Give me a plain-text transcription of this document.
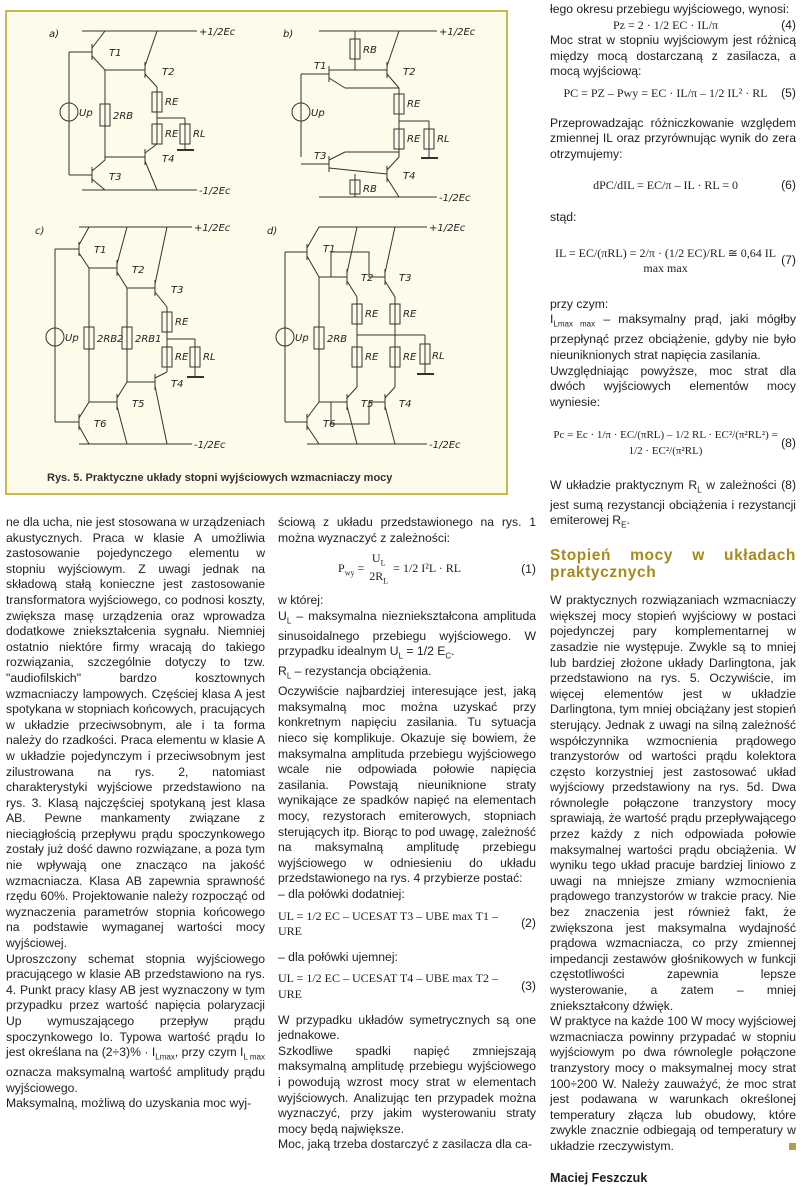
a)	+1/2Ec
-1/2Ec
Up
T1
T3
2RB
T2
T4
RE
RE RL
b)	+1/2Ec
-1/2Ec
Up
RB
T1
T2
RE
RE RL
T3
T4
RB
c)	+1/2Ec
-1/2Ec
Up
T1
2RB2
T2
2RB1
T3
RE
RE RL
T4
T5
T6
d)	+1/2Ec
-1/2Ec
Up
T1
2RB
T2	T3
RE RE
RE RE RL
T5	T4
T6
Rys. 5. Praktyczne układy stopni wyjściowych wzmacniaczy mocy

ne dla ucha, nie jest stosowana w urządzeniach akustycznych. Praca w klasie A umożliwia zastosowanie pojedynczego elementu w stopniu wyjściowym. Z uwagi jednak na składową stałą konieczne jest zastosowanie transformatora wyjściowego, co podnosi koszty, zwiększa masę urządzenia oraz wprowadza dodatkowe zniekształcenia sygnału. Niemniej ostatnio niektóre firmy wracają do takiego rozwiązania, szczególnie dotyczy to tzw. "audiofilskich" bardzo kosztownych wzmacniaczy lampowych. Częściej klasa A jest spotykana w stopniach końcowych, pracujących w układzie przeciwsobnym, ale i ta forma należy do rzadkości. Praca elementu w klasie A w układzie pojedynczym i przeciwsobnym jest zilustrowana na rys. 2, natomiast charakterystyki wyjściowe przedstawiono na rys. 3. Klasą najczęściej spotykaną jest klasa AB. Pewne mankamenty związane z nieciągłością przepływu prądu spoczynkowego zostały już dość dawno rozwiązane, a poza tym nie wpływają one znacząco na jakość wzmacniacza. Klasa AB zapewnia sprawność rzędu 60%. Projektowanie należy rozpocząć od wyznaczenia parametrów stopnia końcowego na podstawie wymaganej wartości mocy wyjściowej.

Uproszczony schemat stopnia wyjściowego pracującego w klasie AB przedstawiono na rys. 4. Punkt pracy klasy AB jest wyznaczony w tym przypadku przez wartość napięcia polaryzacji Up wymuszającego przepływ prądu spoczynkowego Io. Typowa wartość prądu Io jest określana na $(2\div 3)\% \cdot I_{Lmax}$, przy czym $I_{L max}$ oznacza maksymalną wartość amplitudy prądu wyjściowego.

Maksymalną, możliwą do uzyskania moc wyj-

ściową z układu przedstawionego na rys. 1 można wyznaczyć z zależności:

$P_{wy}$ =
$U_L$
$2R_L$
= 1/2 I²L · RL	(1)

w której:

$U_L$ – maksymalna niezniekształcona amplituda sinusoidalnego przebiegu wyjściowego. W przypadku idealnym $U_L = 1/2$ $E_C$.

$R_L$ – rezystancja obciążenia.

Oczywiście najbardziej interesujące jest, jaką maksymalną moc można uzyskać przy konkretnym napięciu zasilania. Tu sytuacja nieco się komplikuje. Okazuje się bowiem, że maksymalna amplituda przebiegu wyjściowego wcale nie odpowiada połowie napięcia zasilania. Powstają nieuniknione straty wynikające ze spadków napięć na elementach mocy, rezystorach emiterowych, stopniach sterujących itp. Biorąc to pod uwagę, zależność na maksymalną amplitudę przebiegu wyjściowego w odniesieniu do układu przedstawionego na rys. 4 przybierze postać:

– dla połówki dodatniej:

UL = 1/2 EC – UCESAT T3 – UBE max T1 – URE
(2)

– dla połówki ujemnej:

UL = 1/2 EC – UCESAT T4 – UBE max T2 – URE
(3)

W przypadku układów symetrycznych są one jednakowe.

Szkodliwe spadki napięć zmniejszają maksymalną amplitudę przebiegu wyjściowego i powodują wzrost mocy strat w elementach wyjściowych. Analizując ten przypadek można wyznaczyć, przy jakim wysterowaniu straty mocy będą największe.

Moc, jaką trzeba dostarczyć z zasilacza dla ca-

łego okresu przebiegu wyjściowego, wynosi:

Pz = 2 · 1/2 EC · IL/π	(4)

Moc strat w stopniu wyjściowym jest różnicą między mocą dostarczaną z zasilacza, a mocą wyjściową:

PC = PZ – Pwy = EC · IL/π – 1/2 IL² · RL	(5)

Przeprowadzając różniczkowanie względem zmiennej IL oraz przyrównując wynik do zera otrzymujemy:

dPC/dIL = EC/π – IL · RL = 0	(6)

stąd:

IL = EC/(πRL) = 2/π · (1/2 EC)/RL ≅ 0,64 IL max max
(7)

przy czym:

$I_{Lmax max}$ – maksymalny prąd, jaki mógłby przepłynąć przez obciążenie, gdyby nie było nieuniknionych strat napięcia zasilania.

Uwzględniając powyższe, moc strat dla dwóch wyjściowych elementów mocy wyniesie:

Pc = Ec · 1/π · EC/(πRL) – 1/2 RL · EC²/(π²RL²) = 1/2 · EC²/(π²RL)
(8)

W układzie praktycznym $R_L$ w zależności (8) jest sumą rezystancji obciążenia i rezystancji emiterowej $R_E$.

Stopień mocy w układach praktycznych

W praktycznych rozwiązaniach wzmacniaczy większej mocy stopień wyjściowy w postaci pojedynczej pary komplementarnej w zasadzie nie występuje. Zwykle są to mniej lub bardziej złożone układy Darlingtona, jak przedstawiono na rys. 5. Oczywiście, im więcej elementów jest w układzie Darlingtona, tym mniej obciążany jest stopień sterujący. Jednak z uwagi na silną zależność współczynnika wzmocnienia prądowego tranzystorów od wartości prądu kolektora często korzystniej jest zastosować układ wyjściowy przedstawiony na rys. 5d. Dwa równolegle połączone tranzystory mocy sprawiają, że wartość prądu przepływającego przez każdy z nich odpowiada połowie maksymalnej wartości prądu obciążenia. W wyniku tego układ pracuje bardziej liniowo z uwagi na mniejsze zmiany wzmocnienia prądowego tranzystorów w trakcie pracy. Nie bez znaczenia jest również fakt, że zwiększona jest maksymalna wydajność prądowa wzmacniacza, co przy zmiennej impedancji zestawów głośnikowych w funkcji częstotliwości zapewnia lepsze wysterowanie, a zatem – mniej zniekształcony dźwięk.

W praktyce na każde 100 W mocy wyjściowej wzmacniacza powinny przypadać w stopniu wyjściowym po dwa równolegle połączone tranzystory mocy o maksymalnej mocy strat 100÷200 W. Należy zauważyć, że moc strat jest podawana w warunkach określonej temperatury złącza lub obudowy, które zwykle znacznie odbiegają od temperatury w układzie rzeczywistym.

Maciej Feszczuk
